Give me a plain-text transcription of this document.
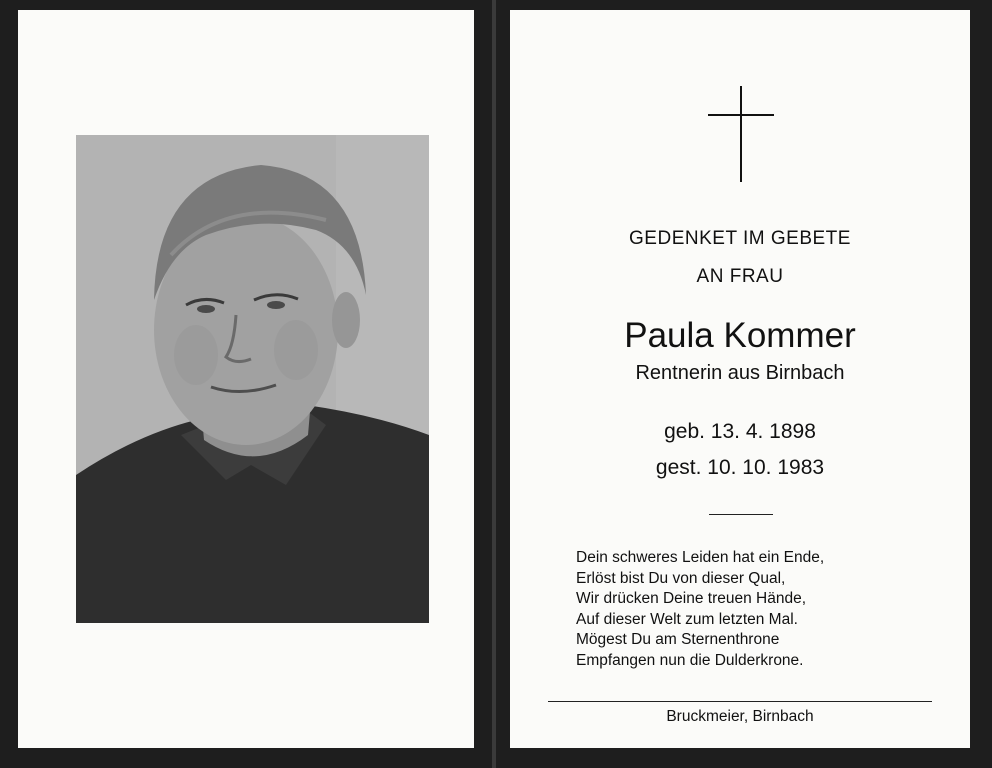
GEDENKET IM GEBETE
AN FRAU
Paula Kommer
Rentnerin aus Birnbach
geb. 13. 4. 1898
gest. 10. 10. 1983
Dein schweres Leiden hat ein Ende,
Erlöst bist Du von dieser Qual,
Wir drücken Deine treuen Hände,
Auf dieser Welt zum letzten Mal.
Mögest Du am Sternenthrone
Empfangen nun die Dulderkrone.
Bruckmeier, Birnbach
